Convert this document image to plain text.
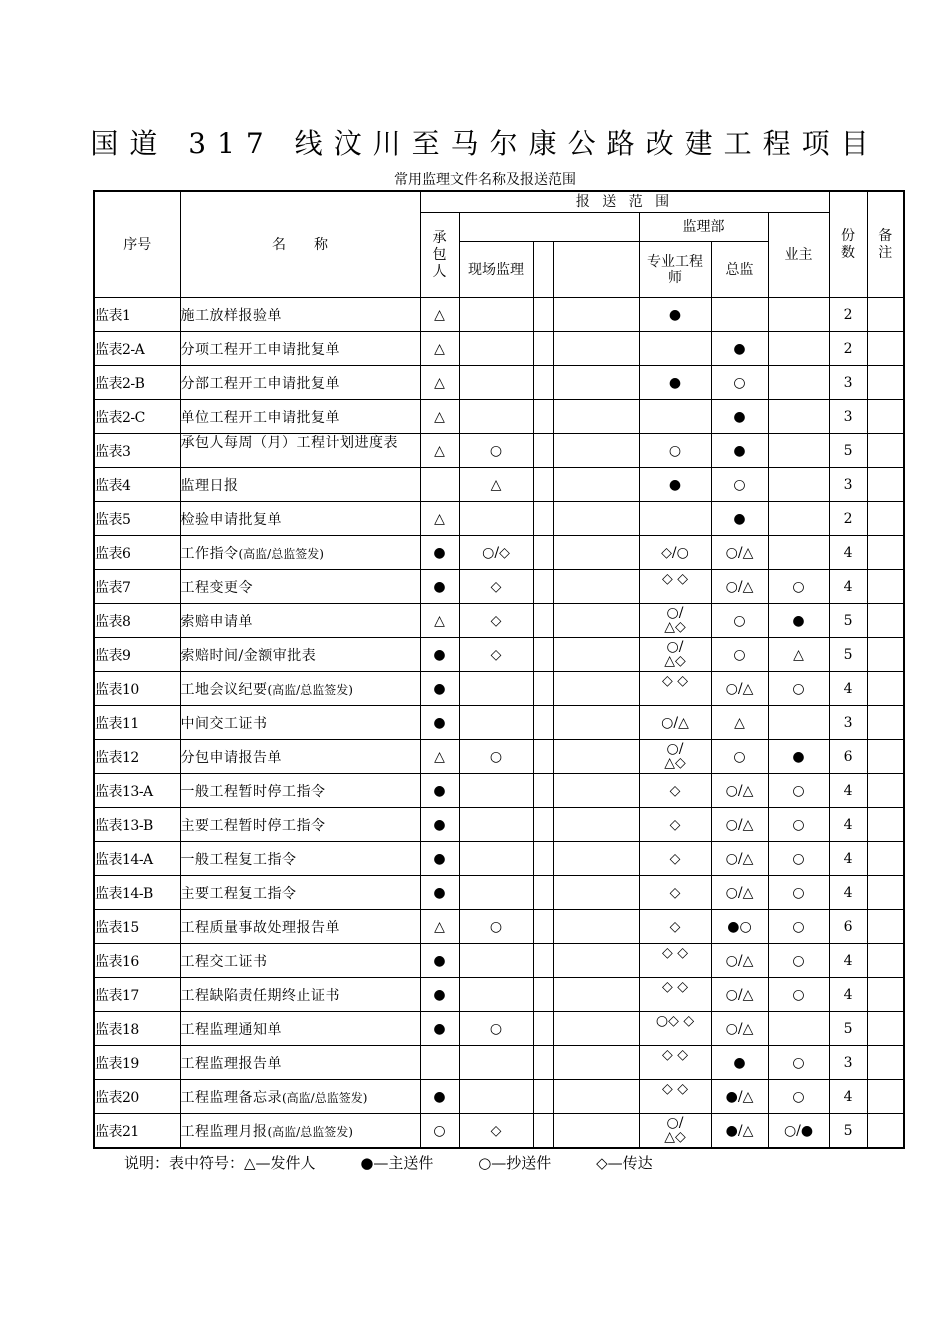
国道 317 线汶川至马尔康公路改建工程项目
常用监理文件名称及报送范围
序号	名　　称	报 送 范 围							份数	备注
		承包人				监理部		业主		
			现场监理			专业工程师	总监			
监表1	施工放样报验单	△				●			2	
监表2-A	分项工程开工申请批复单	△					●		2	
监表2-B	分部工程开工申请批复单	△				●	○		3	
监表2-C	单位工程开工申请批复单	△					●		3	
监表3	承包人每周（月）工程计划进度表	△	○			○	●		5	
监表4	监理日报		△			●	○		3	
监表5	检验申请批复单	△					●		2	
监表6	工作指令(高监/总监签发)	●	○/◇			◇/○	○/△		4	
监表7	工程变更令	●	◇			◇ ◇	○/△	○	4	
监表8	索赔申请单	△	◇			○/ △◇	○	●	5	
监表9	索赔时间/金额审批表	●	◇			○/ △◇	○	△	5	
监表10	工地会议纪要(高监/总监签发)	●				◇ ◇	○/△	○	4	
监表11	中间交工证书	●				○/△	△		3	
监表12	分包申请报告单	△	○			○/ △◇	○	●	6	
监表13-A	一般工程暂时停工指令	●				◇	○/△	○	4	
监表13-B	主要工程暂时停工指令	●				◇	○/△	○	4	
监表14-A	一般工程复工指令	●				◇	○/△	○	4	
监表14-B	主要工程复工指令	●				◇	○/△	○	4	
监表15	工程质量事故处理报告单	△	○			◇	●○	○	6	
监表16	工程交工证书	●				◇ ◇	○/△	○	4	
监表17	工程缺陷责任期终止证书	●				◇ ◇	○/△	○	4	
监表18	工程监理通知单	●	○			○◇ ◇	○/△		5	
监表19	工程监理报告单					◇ ◇	●	○	3	
监表20	工程监理备忘录(高监/总监签发)	●				◇ ◇	●/△	○	4	
监表21	工程监理月报(高监/总监签发)	○	◇			○/ △◇	●/△	○/●	5	
说明：表中符号：△—发件人	●—主送件	○—抄送件	◇—传达
